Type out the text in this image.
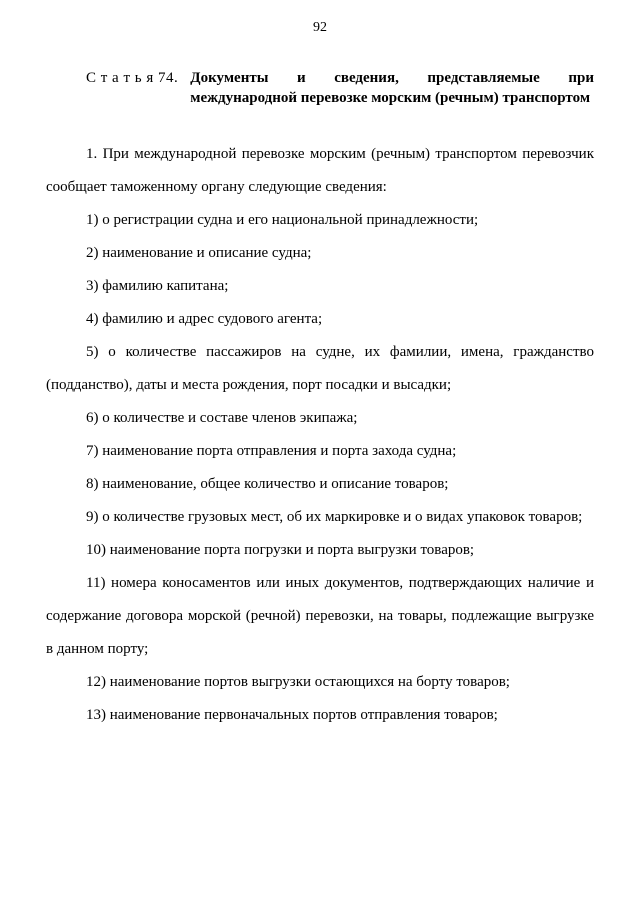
92
С т а т ь я 74. Документы и сведения, представляемые при международной перевозке морским (речным) транспортом

1. При международной перевозке морским (речным) транспортом перевозчик сообщает таможенному органу следующие сведения:

1) о регистрации судна и его национальной принадлежности;

2) наименование и описание судна;

3) фамилию капитана;

4) фамилию и адрес судового агента;

5) о количестве пассажиров на судне, их фамилии, имена, гражданство (подданство), даты и места рождения, порт посадки и высадки;

6) о количестве и составе членов экипажа;

7) наименование порта отправления и порта захода судна;

8) наименование, общее количество и описание товаров;

9) о количестве грузовых мест, об их маркировке и о видах упаковок товаров;

10) наименование порта погрузки и порта выгрузки товаров;

11) номера коносаментов или иных документов, подтверждающих наличие и содержание договора морской (речной) перевозки, на товары, подлежащие выгрузке в данном порту;

12) наименование портов выгрузки остающихся на борту товаров;

13) наименование первоначальных портов отправления товаров;
